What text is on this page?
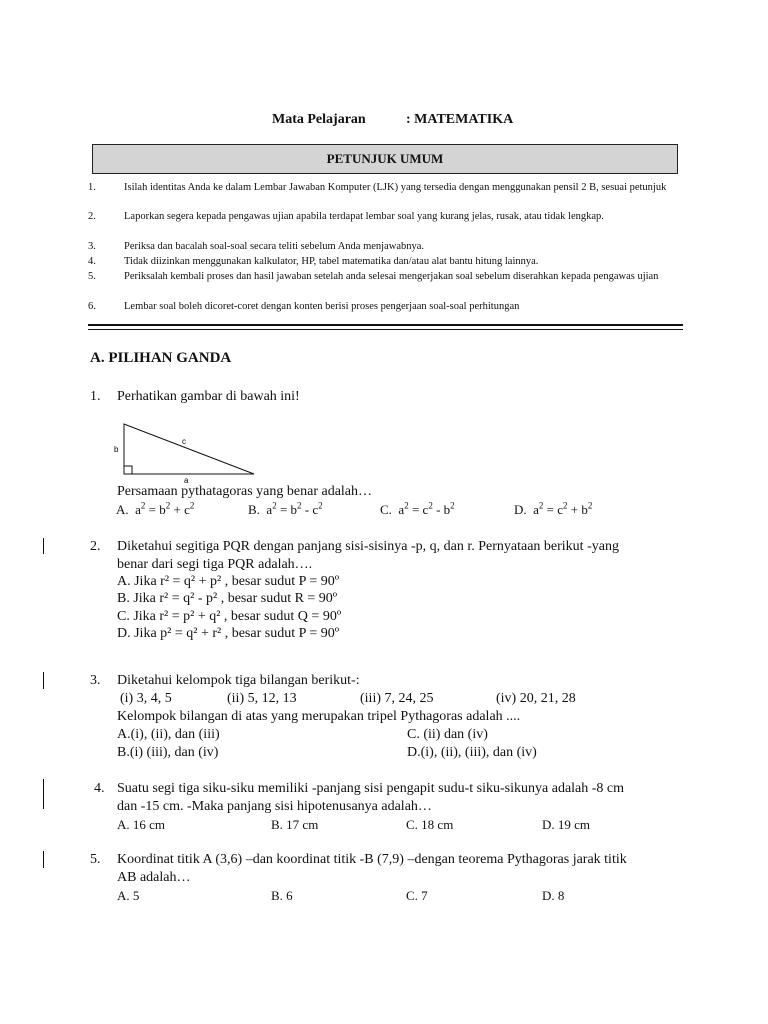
Mata Pelajaran	: MATEMATIKA
PETUNJUK UMUM
1.	Isilah identitas Anda ke dalam Lembar Jawaban Komputer (LJK) yang tersedia dengan menggunakan pensil 2 B, sesuai petunjuk
2.	Laporkan segera kepada pengawas ujian apabila terdapat lembar soal yang kurang jelas, rusak, atau tidak lengkap.
3.	Periksa dan bacalah soal-soal secara teliti sebelum Anda menjawabnya.
4.	Tidak diizinkan menggunakan kalkulator, HP, tabel matematika dan/atau alat bantu hitung lainnya.
5.	Periksalah kembali proses dan hasil jawaban setelah anda selesai mengerjakan soal sebelum diserahkan kepada pengawas ujian
6.	Lembar soal boleh dicoret-coret dengan konten berisi proses pengerjaan soal-soal perhitungan
A. PILIHAN GANDA
1. Perhatikan gambar di bawah ini!
b
c
a
Persamaan pythatagoras yang benar adalah…
A. $a^2 = b^2 + c^2$	B. $a^2 = b^2 - c^2$	C. $a^2 = c^2 - b^2$	D. $a^2 = c^2 + b^2$
2. Diketahui segitiga PQR dengan panjang sisi-sisinya -p, q, dan r. Pernyataan berikut -yang
benar dari segi tiga PQR adalah….
A. Jika r² = q² + p² , besar sudut P = 90º
B. Jika r² = q² - p² , besar sudut R = 90º
C. Jika r² = p² + q² , besar sudut Q = 90º
D. Jika p² = q² + r² , besar sudut P = 90º
3. Diketahui kelompok tiga bilangan berikut-:
(i) 3, 4, 5	(ii) 5, 12, 13	(iii) 7, 24, 25	(iv) 20, 21, 28
Kelompok bilangan di atas yang merupakan tripel Pythagoras adalah ....
A.(i), (ii), dan (iii)	C. (ii) dan (iv)
B.(i) (iii), dan (iv)	D.(i), (ii), (iii), dan (iv)
4. Suatu segi tiga siku-siku memiliki -panjang sisi pengapit sudu-t siku-sikunya adalah -8 cm
dan -15 cm. -Maka panjang sisi hipotenusanya adalah…
A. 16 cm	B. 17 cm	C. 18 cm	D. 19 cm
5. Koordinat titik A (3,6) –dan koordinat titik -B (7,9) –dengan teorema Pythagoras jarak titik
AB adalah…
A. 5	B. 6	C. 7	D. 8
